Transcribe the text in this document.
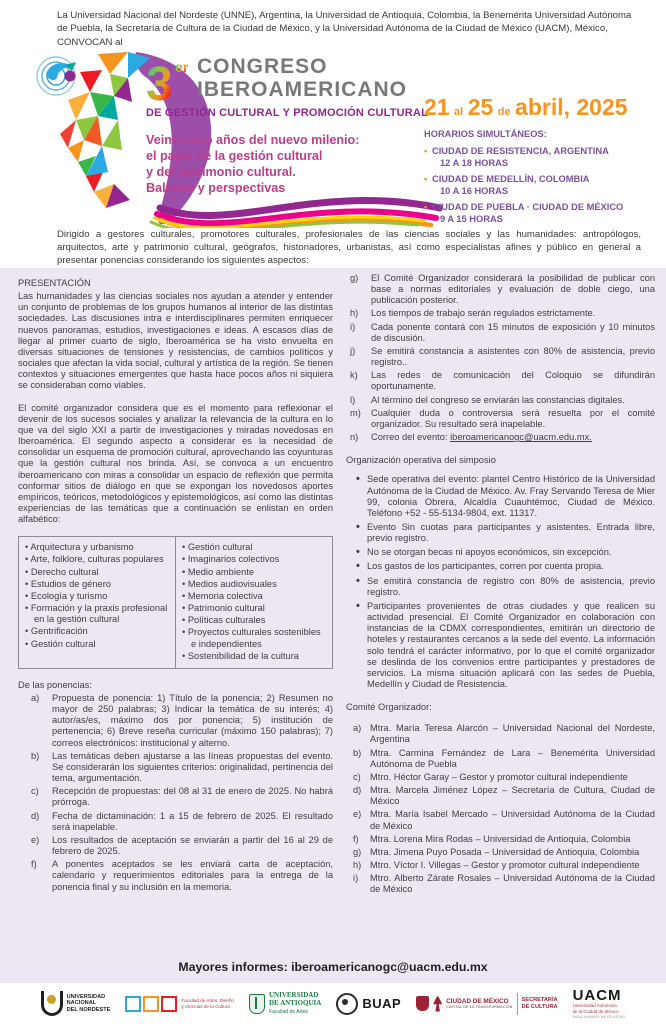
La Universidad Nacional del Nordeste (UNNE), Argentina, la Universidad de Antioquia, Colombia, la Benemérita Universidad Autónoma de Puebla, la Secretaría de Cultura de la Ciudad de México, y la Universidad Autónoma de la Ciudad de México (UACM), México, CONVOCAN al
3 er CONGRESO
IBEROAMERICANO
DE GESTIÓN CULTURAL Y PROMOCIÓN CULTURAL
Veinticinco años del nuevo milenio:
el papel de la gestión cultural
y del patrimonio cultural.
Balance y perspectivas
21 al 25 de abril, 2025
HORARIOS SIMULTÁNEOS:
• CIUDAD DE RESISTENCIA, ARGENTINA
12 A 18 HORAS
• CIUDAD DE MEDELLÍN, COLOMBIA
10 A 16 HORAS
• CIUDAD DE PUEBLA · CIUDAD DE MÉXICO
9 A 15 HORAS
Dirigido a gestores culturales, promotores culturales, profesionales de las ciencias sociales y las humanidades: antropólogos, arquitectos, arte y patrimonio cultural, geógrafos, historiadores, urbanistas, así como especialistas afines y público en general a presentar ponencias considerando los siguientes aspectos:
PRESENTACIÓN

Las humanidades y las ciencias sociales nos ayudan a atender y entender un conjunto de problemas de los grupos humanos al interior de las distintas sociedades. Las discusiones intra e interdisciplinares permiten enriquecer nuevos panoramas, estudios, investigaciones e ideas. A escasos días de llegar al primer cuarto de siglo, Iberoamérica se ha visto envuelta en diversas situaciones de tensiones y resistencias, de cambios políticos y sociales que afectan la vida social, cultural y artística de la región. Se tienen contextos y situaciones emergentes que hasta hace pocos años ni siquiera se consideraban como viables.

El comité organizador considera que es el momento para reflexionar el devenir de los sucesos sociales y analizar la relevancia de la cultura en lo que va del siglo XXI a partir de investigaciones y miradas novedosas en Iberoamérica. El segundo aspecto a considerar es la necesidad de consolidar un esquema de promoción cultural, aprovechando las coyunturas que la gestión cultural nos brinda. Así, se convoca a un encuentro iberoamericano con miras a consolidar un espacio de reflexión que permita conformar sitios de diálogo en que se expongan los novedosos aportes empíricos, teóricos, metodológicos y epistemológicos, así como las distintas experiencias de las temáticas que a continuación se enlistan en orden alfabético:

• Arquitectura y urbanismo
• Arte, folklore, culturas populares
• Derecho cultural
• Estudios de género
• Ecología y turismo
• Formación y la praxis profesional en la gestión cultural
• Gentrificación
• Gestión cultural
• Gestión cultural
• Imaginarios colectivos
• Medio ambiente
• Medios audiovisuales
• Memoria colectiva
• Patrimonio cultural
• Políticas culturales
• Proyectos culturales sostenibles e independientes
• Sostenibilidad de la cultura
De las ponencias:
a)	Propuesta de ponencia: 1) Título de la ponencia; 2) Resumen no mayor de 250 palabras; 3) Indicar la temática de su interés; 4) autor/as/es, máximo dos por ponencia; 5) institución de pertenencia; 6) Breve reseña curricular (máximo 150 palabras); 7) correos electrónicos: institucional y alterno.
b)	Las temáticas deben ajustarse a las líneas propuestas del evento. Se considerarán los siguientes criterios: originalidad, pertinencia del tema, argumentación.
c)	Recepción de propuestas: del 08 al 31 de enero de 2025. No habrá prórroga.
d)	Fecha de dictaminación: 1 a 15 de febrero de 2025. El resultado será inapelable.
e)	Los resultados de aceptación se enviarán a partir del 16 al 29 de febrero de 2025.
f)	A ponentes aceptados se les enviará carta de aceptación, calendario y requerimientos editoriales para la entrega de la ponencia final y su inclusión en la memoria.
g)	El Comité Organizador considerará la posibilidad de publicar con base a normas editoriales y evaluación de doble ciego, una publicación posterior.
h)	Los tiempos de trabajo serán regulados estrictamente.
i)	Cada ponente contará con 15 minutos de exposición y 10 minutos de discusión.
j)	Se emitirá constancia a asistentes con 80% de asistencia, previo registro..
k)	Las redes de comunicación del Coloquio se difundirán oportunamente.
l)	Al término del congreso se enviarán las constancias digitales.
m)	Cualquier duda o controversia será resuelta por el comité organizador. Su resultado será inapelable.
n)	Correo del evento: iberoamericanogc@uacm.edu.mx.
Organización operativa del simposio
• Sede operativa del evento: plantel Centro Histórico de la Universidad Autónoma de la Ciudad de México. Av. Fray Servando Teresa de Mier 99, colonia Obrera, Alcaldía Cuauhtémoc, Ciudad de México. Teléfono +52 - 55-5134-9804, ext. 11317.
• Evento Sin cuotas para participantes y asistentes. Entrada libre, previo registro.
• No se otorgan becas ni apoyos económicos, sin excepción.
• Los gastos de los participantes, corren por cuenta propia.
• Se emitirá constancia de registro con 80% de asistencia, previo registro.
• Participantes provenientes de otras ciudades y que realicen su actividad presencial. El Comité Organizador en colaboración con instancias de la CDMX correspondientes, emitirán un directorio de hoteles y restaurantes cercanos a la sede del evento. La información solo tendrá el carácter informativo, por lo que el comité organizador se deslinda de los convenios entre participantes y prestadores de servicios. La misma situación aplicará con las sedes de Puebla, Medellín y Ciudad de Resistencia.
Comité Organizador:
a) Mtra. María Teresa Alarcón – Universidad Nacional del Nordeste, Argentina
b) Mtra. Carmina Fernández de Lara – Benemérita Universidad Autónoma de Puebla
c) Mtro. Héctor Garay – Gestor y promotor cultural independiente
d) Mtra. Marcela Jiménez López – Secretaría de Cultura, Ciudad de México
e) Mtra. María Isabel Mercado – Universidad Autónoma de la Ciudad de México
f)	Mtra. Lorena Mira Rodas – Universidad de Antioquia, Colombia
g) Mtra. Jimena Puyo Posada – Universidad de Antioquia, Colombia
h) Mtro. Víctor I. Villegas – Gestor y promotor cultural independiente
i)	Mtro. Alberto Zárate Rosales – Universidad Autónoma de la Ciudad de México
Mayores informes: iberoamericanogc@uacm.edu.mx
UNIVERSIDAD
NACIONAL
DEL NORDESTE
Facultad de Artes, Diseño
y Ciencias de la Cultura
UNIVERSIDAD
DE ANTIOQUIA
Facultad de Artes
BUAP	CIUDAD DE MÉXICO
CAPITAL DE LA TRANSFORMACIÓN
SECRETARÍA
DE CULTURA
UACM
Universidad Autónoma
de la Ciudad de México
NADA HUMANO ME ES AJENO
